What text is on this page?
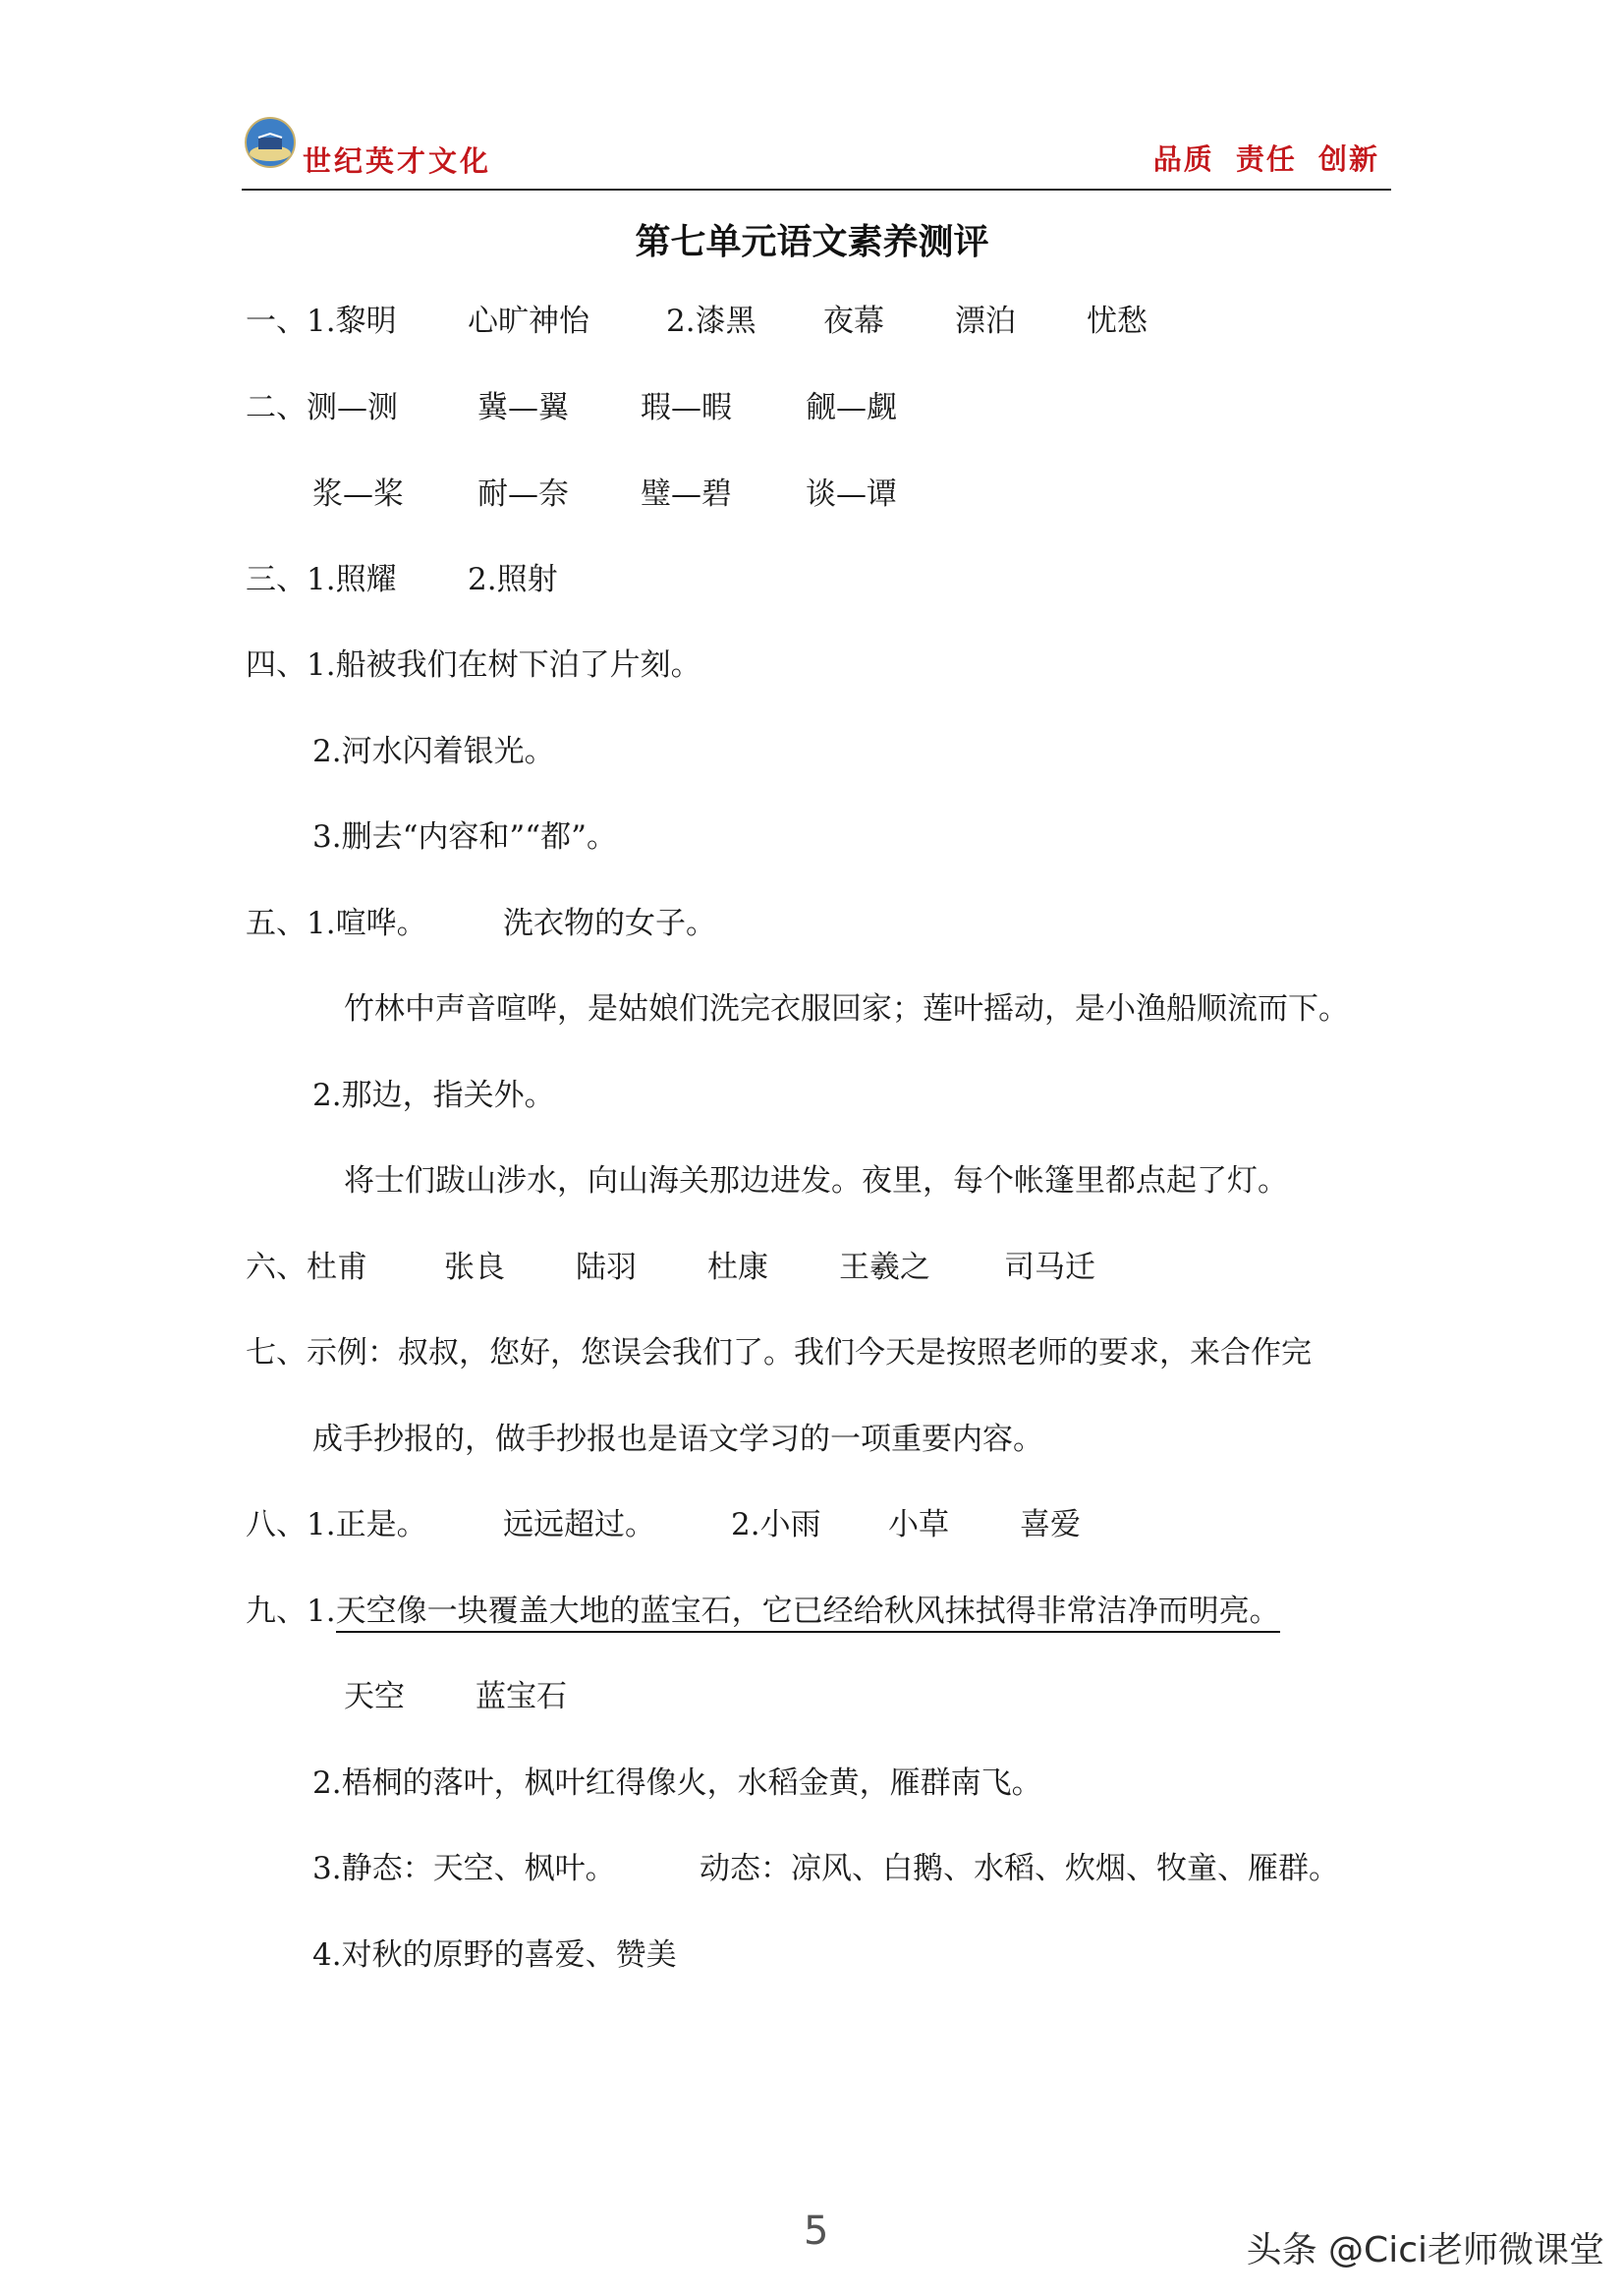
世纪英才文化	品质 责任 创新
第七单元语文素养测评
一、1.黎明 心旷神怡	2.漆黑 夜幕 漂泊 忧愁
二、测—测	冀—翼 瑕—暇 觎—觑
浆—桨 耐—奈 璧—碧 谈—谭
三、1.照耀 2.照射
四、1.船被我们在树下泊了片刻。
2.河水闪着银光。
3.删去“内容和”“都”。
五、1.喧哗。 洗衣物的女子。
竹林中声音喧哗，是姑娘们洗完衣服回家；莲叶摇动，是小渔船顺流而下。
2.那边，指关外。
将士们跋山涉水，向山海关那边进发。夜里，每个帐篷里都点起了灯。
六、杜甫	张良 陆羽 杜康 王羲之 司马迁
七、示例：叔叔，您好，您误会我们了。我们今天是按照老师的要求，来合作完
成手抄报的，做手抄报也是语文学习的一项重要内容。
八、1.正是。 远远超过。 2.小雨 小草 喜爱
九、1.天空像一块覆盖大地的蓝宝石，它已经给秋风抹拭得非常洁净而明亮。
天空 蓝宝石
2.梧桐的落叶，枫叶红得像火，水稻金黄，雁群南飞。
3.静态：天空、枫叶。	动态：凉风、白鹅、水稻、炊烟、牧童、雁群。
4.对秋的原野的喜爱、赞美
5	头条 @Cici老师微课堂
